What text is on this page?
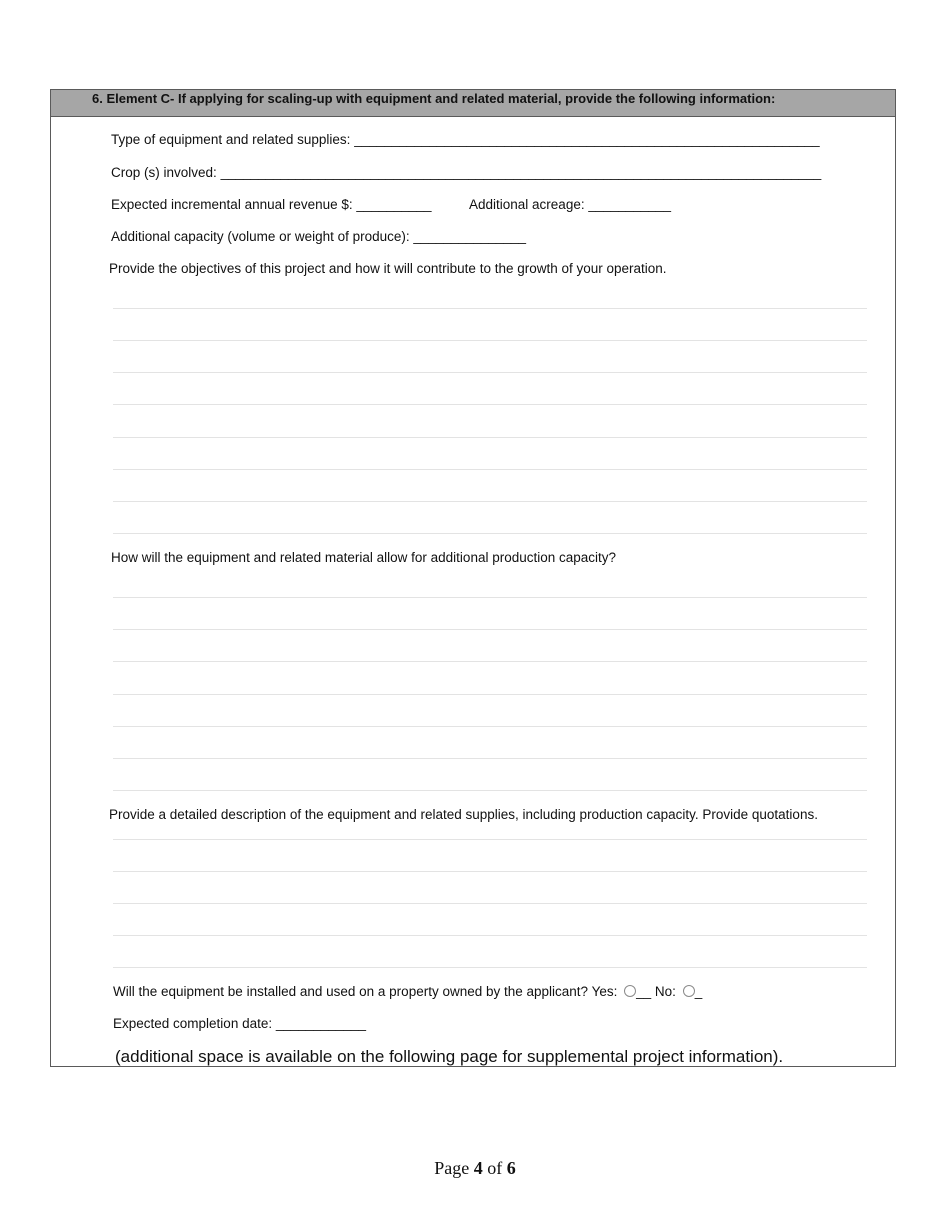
6. Element C- If applying for scaling-up with equipment and related material, provide the following information:
Type of equipment and related supplies: ______________________________________________________________
Crop (s) involved: ________________________________________________________________________________
Expected incremental annual revenue $: __________	Additional acreage: ___________
Additional capacity (volume or weight of produce): _______________
Provide the objectives of this project and how it will contribute to the growth of your operation.
How will the equipment and related material allow for additional production capacity?
Provide a detailed description of the equipment and related supplies, including production capacity. Provide quotations.
Will the equipment be installed and used on a property owned by the applicant? Yes: __ No: _
Expected completion date: ____________
(additional space is available on the following page for supplemental project information).
Page 4 of 6
